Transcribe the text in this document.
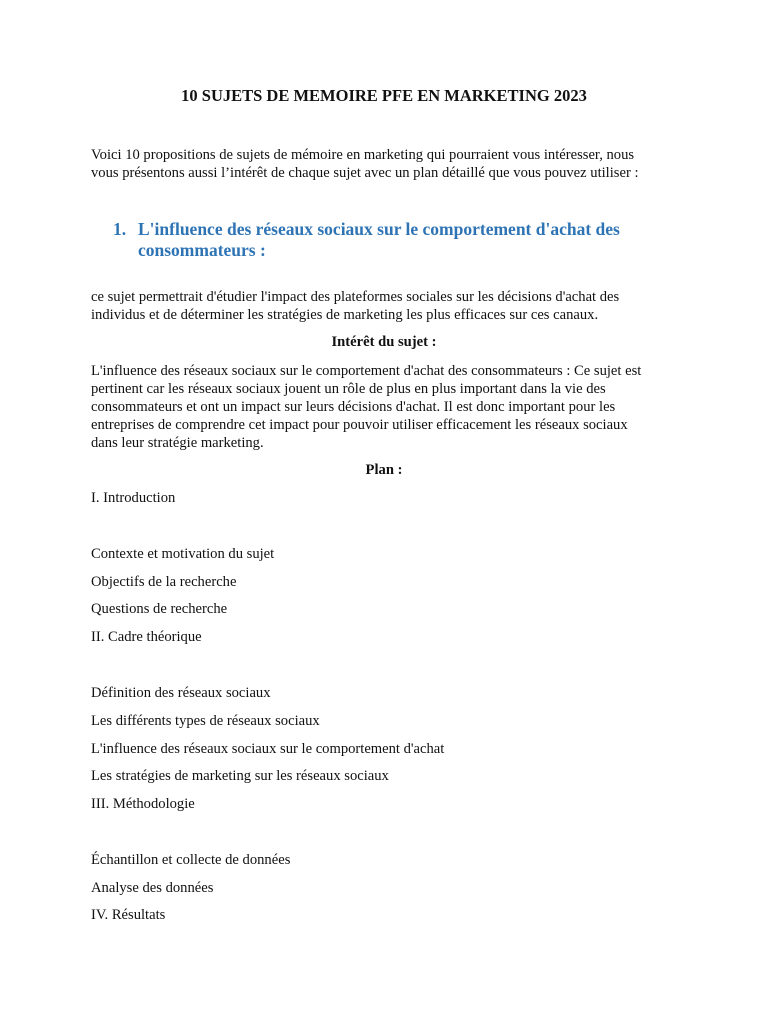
10 SUJETS DE MEMOIRE PFE EN MARKETING 2023

Voici 10 propositions de sujets de mémoire en marketing qui pourraient vous intéresser, nous

vous présentons aussi l’intérêt de chaque sujet avec un plan détaillé que vous pouvez utiliser :

1. L'influence des réseaux sociaux sur le comportement d'achat des
consommateurs :

ce sujet permettrait d'étudier l'impact des plateformes sociales sur les décisions d'achat des

individus et de déterminer les stratégies de marketing les plus efficaces sur ces canaux.

Intérêt du sujet :

L'influence des réseaux sociaux sur le comportement d'achat des consommateurs : Ce sujet est

pertinent car les réseaux sociaux jouent un rôle de plus en plus important dans la vie des

consommateurs et ont un impact sur leurs décisions d'achat. Il est donc important pour les

entreprises de comprendre cet impact pour pouvoir utiliser efficacement les réseaux sociaux

dans leur stratégie marketing.

Plan :

I. Introduction

Contexte et motivation du sujet

Objectifs de la recherche

Questions de recherche

II. Cadre théorique

Définition des réseaux sociaux

Les différents types de réseaux sociaux

L'influence des réseaux sociaux sur le comportement d'achat

Les stratégies de marketing sur les réseaux sociaux

III. Méthodologie

Échantillon et collecte de données

Analyse des données

IV. Résultats
